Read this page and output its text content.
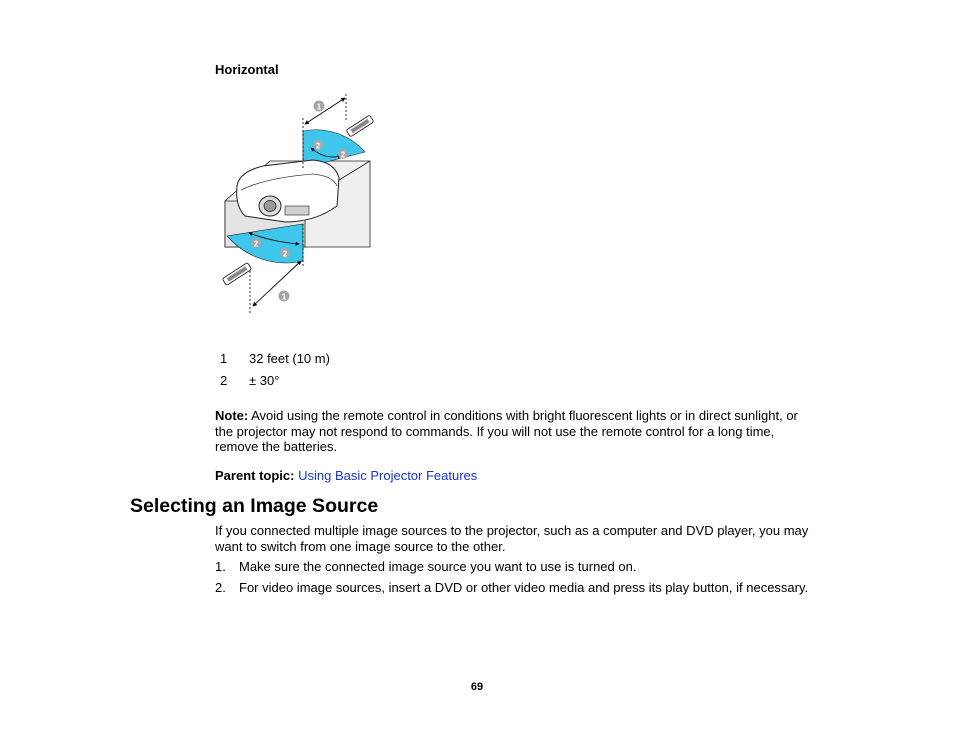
Horizontal
1
1
2
2
2
2
1 32 feet (10 m)
2 ± 30°
Note: Avoid using the remote control in conditions with bright fluorescent lights or in direct sunlight, or the projector may not respond to commands. If you will not use the remote control for a long time, remove the batteries.
Parent topic: Using Basic Projector Features
Selecting an Image Source
If you connected multiple image sources to the projector, such as a computer and DVD player, you may want to switch from one image source to the other.
1. Make sure the connected image source you want to use is turned on.
2. For video image sources, insert a DVD or other video media and press its play button, if necessary.
69
